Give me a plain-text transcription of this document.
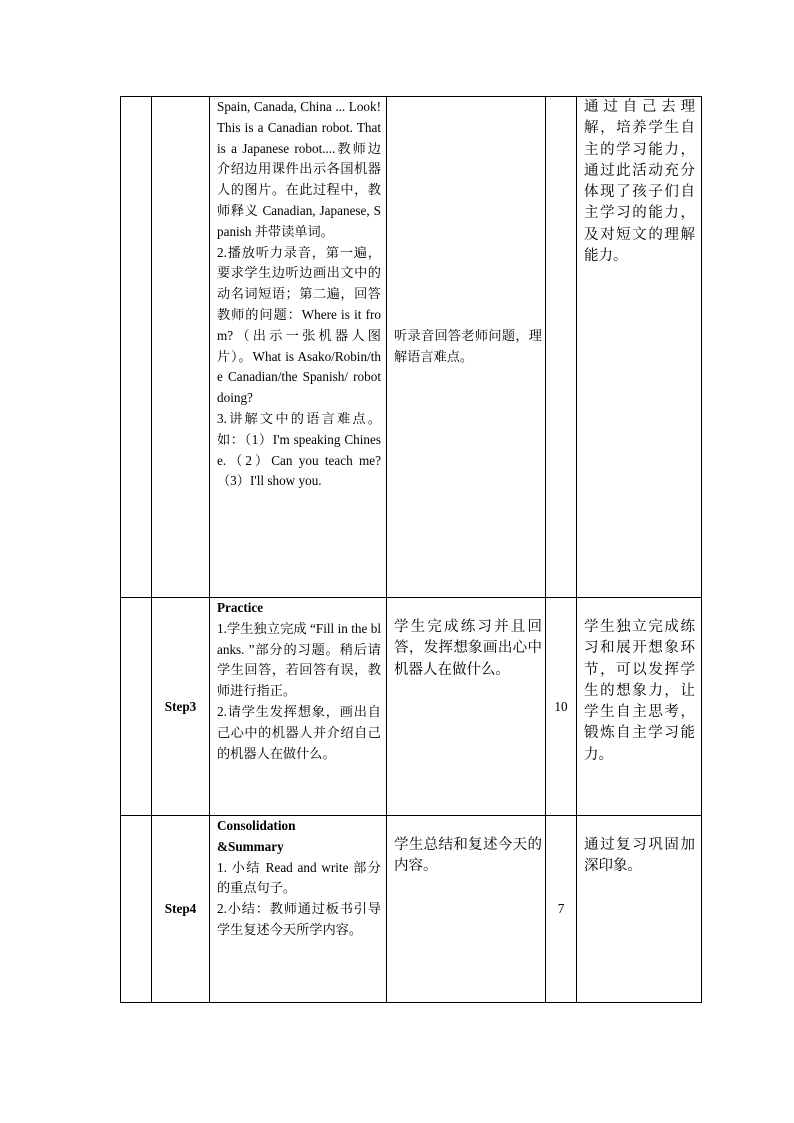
		Spain, Canada, China ... Look! This is a Canadian robot. That is a Japanese robot....教师边介绍边用课件出示各国机器人的图片。在此过程中，教师释义 Canadian, Japanese, Spanish 并带读单词。
2.播放听力录音，第一遍，要求学生边听边画出文中的动名词短语；第二遍，回答教师的问题：Where is it from?（出示一张机器人图片）。What is Asako/Robin/the Canadian/the Spanish/ robot doing?
3.讲解文中的语言难点。如：（1）I'm speaking Chinese.（2）Can you teach me?（3）I'll show you.	听录音回答老师问题，理解语言难点。		通过自己去理解，培养学生自主的学习能力，通过此活动充分体现了孩子们自主学习的能力，及对短文的理解能力。

	Step3	Practice
1.学生独立完成 “Fill in the blanks. ”部分的习题。稍后请学生回答，若回答有误，教师进行指正。
2.请学生发挥想象，画出自己心中的机器人并介绍自己的机器人在做什么。	学生完成练习并且回答，发挥想象画出心中机器人在做什么。	10	学生独立完成练习和展开想象环节，可以发挥学生的想象力，让学生自主思考，锻炼自主学习能力。

	Step4	Consolidation
&Summary
1. 小结 Read and write 部分的重点句子。
2.小结：教师通过板书引导学生复述今天所学内容。	学生总结和复述今天的内容。	7	通过复习巩固加深印象。
